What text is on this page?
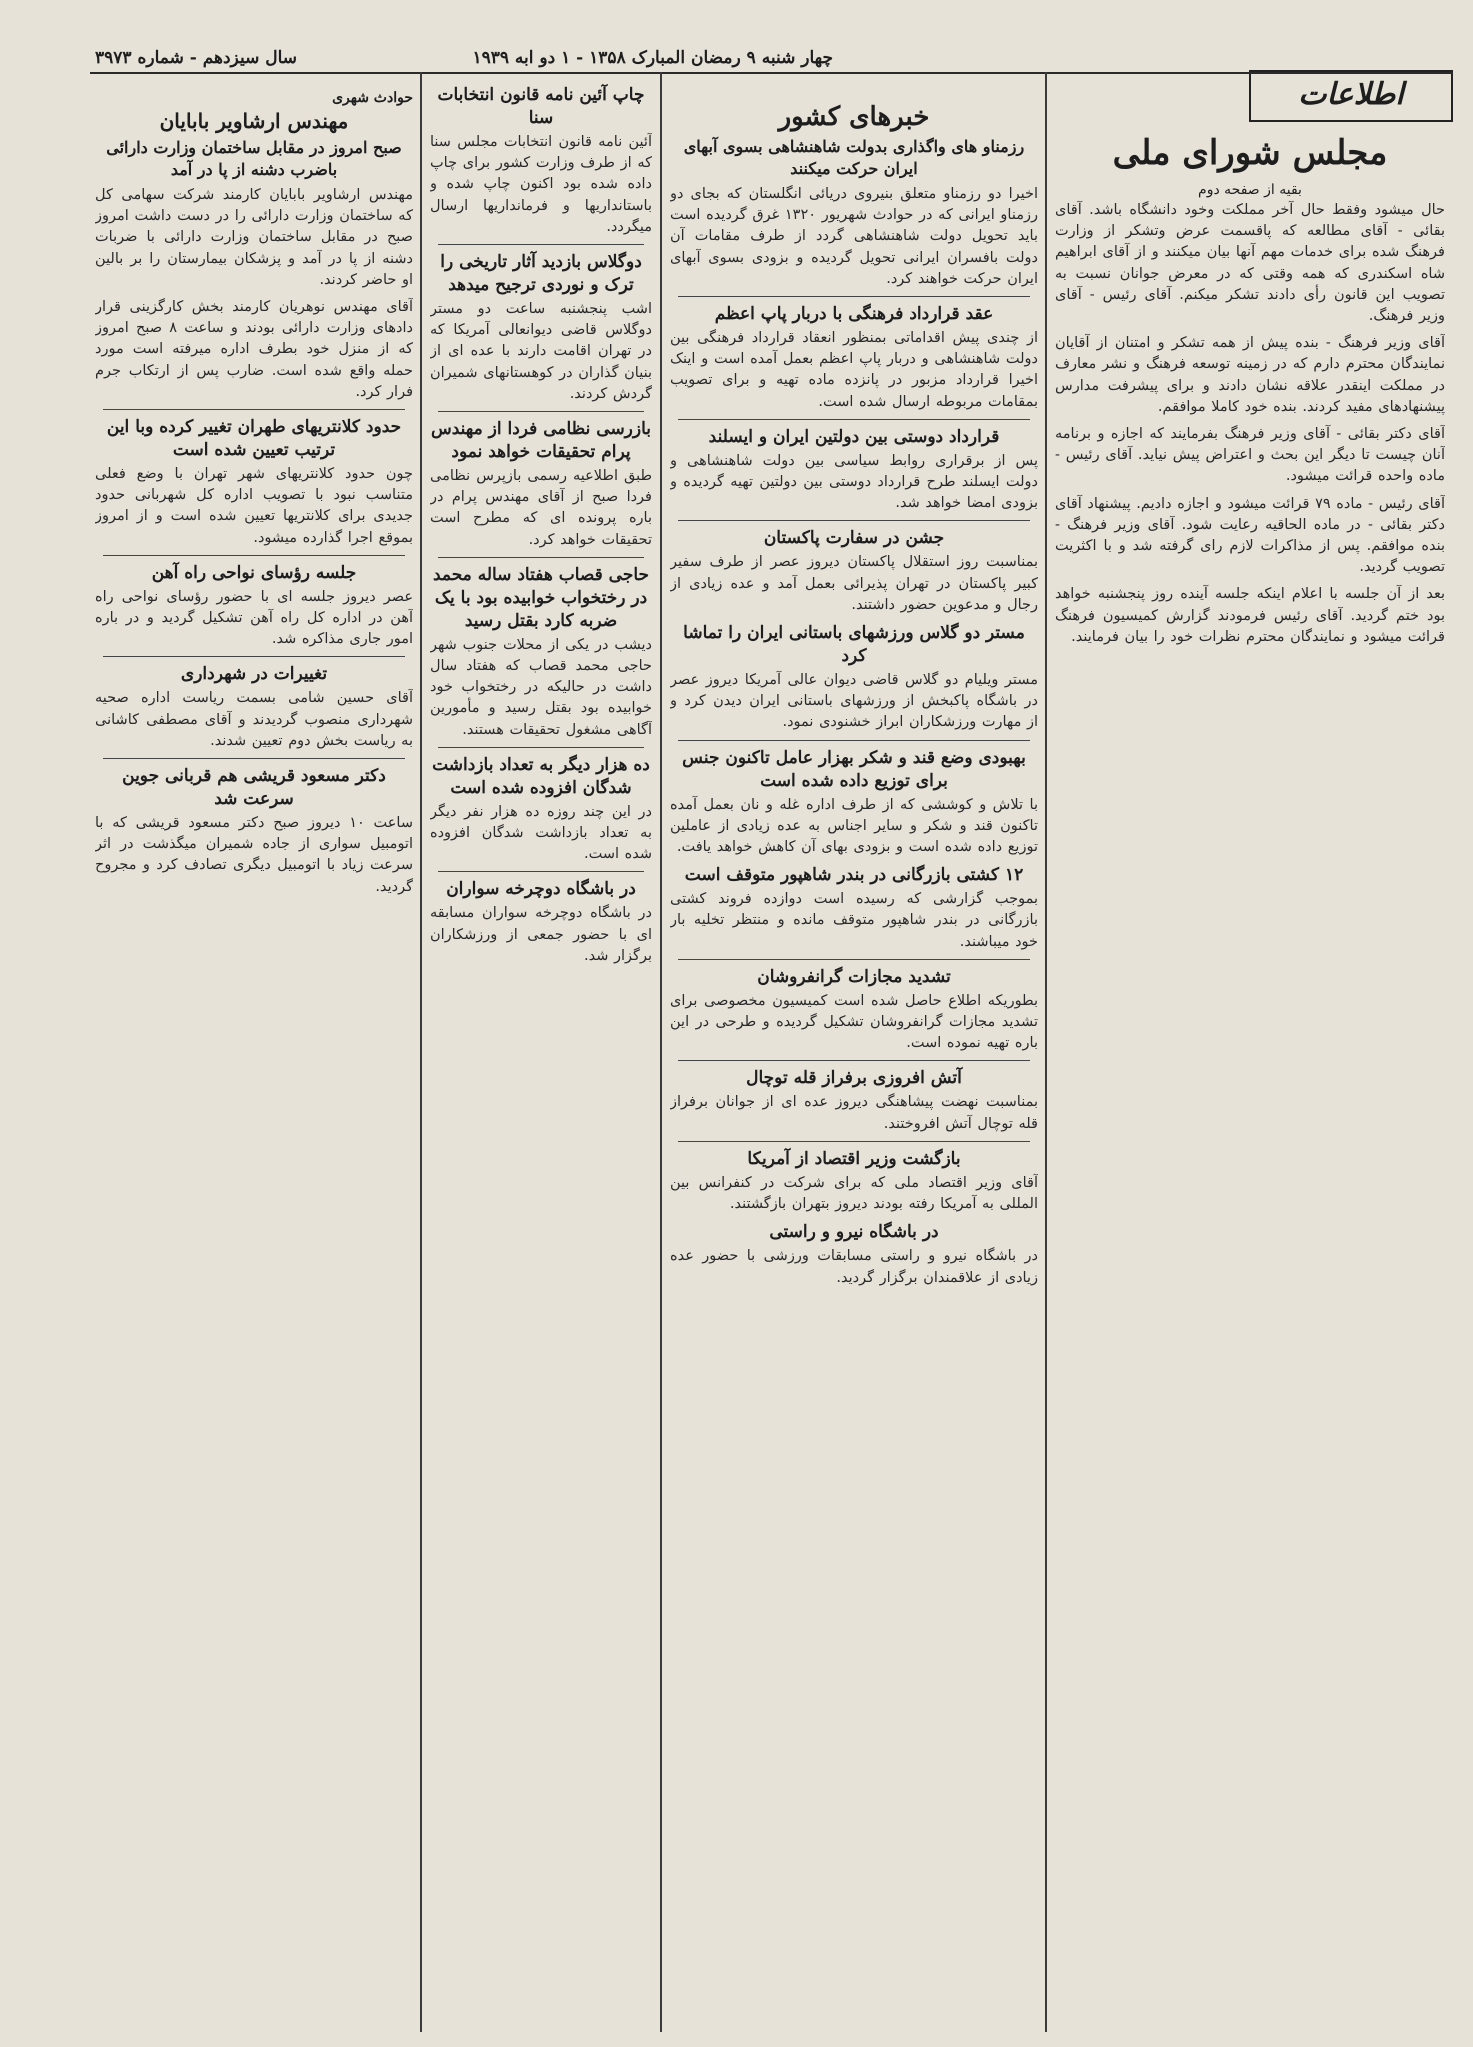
چهار شنبه ۹ رمضان المبارک ۱۳۵۸ - ۱ دو ابه ۱۹۳۹
سال سیزدهم - شماره ۳۹۷۳
اطلاعات
مجلس شورای ملی
بقیه از صفحه دوم

حال میشود وفقط حال آخر مملکت وخود دانشگاه باشد. آقای بقائی - آقای مطالعه که پاقسمت عرض وتشکر از وزارت فرهنگ شده برای خدمات مهم آنها بیان میکنند و از آقای ابراهیم شاه اسکندری که همه وقتی که در معرض جوانان نسبت به تصویب این قانون رأی دادند تشکر میکنم. آقای رئیس - آقای وزیر فرهنگ.

آقای وزیر فرهنگ - بنده پیش از همه تشکر و امتنان از آقایان نمایندگان محترم دارم که در زمینه توسعه فرهنگ و نشر معارف در مملکت اینقدر علاقه نشان دادند و برای پیشرفت مدارس پیشنهادهای مفید کردند. بنده خود کاملا موافقم.

آقای دکتر بقائی - آقای وزیر فرهنگ بفرمایند که اجازه و برنامه آنان چیست تا دیگر این بحث و اعتراض پیش نیاید. آقای رئیس - ماده واحده قرائت میشود.

آقای رئیس - ماده ۷۹ قرائت میشود و اجازه دادیم. پیشنهاد آقای دکتر بقائی - در ماده الحاقیه رعایت شود. آقای وزیر فرهنگ - بنده موافقم. پس از مذاکرات لازم رای گرفته شد و با اکثریت تصویب گردید.

بعد از آن جلسه با اعلام اینکه جلسه آینده روز پنجشنبه خواهد بود ختم گردید. آقای رئیس فرمودند گزارش کمیسیون فرهنگ قرائت میشود و نمایندگان محترم نظرات خود را بیان فرمایند.

خبرهای کشور
رزمناو های واگذاری بدولت شاهنشاهی بسوی آبهای ایران حرکت میکنند

اخیرا دو رزمناو متعلق بنیروی دریائی انگلستان که بجای دو رزمناو ایرانی که در حوادث شهریور ۱۳۲۰ غرق گردیده است باید تحویل دولت شاهنشاهی گردد از طرف مقامات آن دولت بافسران ایرانی تحویل گردیده و بزودی بسوی آبهای ایران حرکت خواهند کرد.

عقد قرارداد فرهنگی با دربار پاپ اعظم

از چندی پیش اقداماتی بمنظور انعقاد قرارداد فرهنگی بین دولت شاهنشاهی و دربار پاپ اعظم بعمل آمده است و اینک اخیرا قرارداد مزبور در پانزده ماده تهیه و برای تصویب بمقامات مربوطه ارسال شده است.

قرارداد دوستی بین دولتین ایران و ایسلند

پس از برقراری روابط سیاسی بین دولت شاهنشاهی و دولت ایسلند طرح قرارداد دوستی بین دولتین تهیه گردیده و بزودی امضا خواهد شد.

جشن در سفارت پاکستان

بمناسبت روز استقلال پاکستان دیروز عصر از طرف سفیر کبیر پاکستان در تهران پذیرائی بعمل آمد و عده زیادی از رجال و مدعوین حضور داشتند.

مستر دو گلاس ورزشهای باستانی ایران را تماشا کرد

مستر ویلیام دو گلاس قاضی دیوان عالی آمریکا دیروز عصر در باشگاه پاکبخش از ورزشهای باستانی ایران دیدن کرد و از مهارت ورزشکاران ابراز خشنودی نمود.

بهبودی وضع قند و شکر بهزار عامل تاکنون جنس برای توزیع داده شده است

با تلاش و کوششی که از طرف اداره غله و نان بعمل آمده تاکنون قند و شکر و سایر اجناس به عده زیادی از عاملین توزیع داده شده است و بزودی بهای آن کاهش خواهد یافت.

۱۲ کشتی بازرگانی در بندر شاهپور متوقف است

بموجب گزارشی که رسیده است دوازده فروند کشتی بازرگانی در بندر شاهپور متوقف مانده و منتظر تخلیه بار خود میباشند.

تشدید مجازات گرانفروشان

بطوریکه اطلاع حاصل شده است کمیسیون مخصوصی برای تشدید مجازات گرانفروشان تشکیل گردیده و طرحی در این باره تهیه نموده است.

آتش افروزی برفراز قله توچال

بمناسبت نهضت پیشاهنگی دیروز عده ای از جوانان برفراز قله توچال آتش افروختند.

بازگشت وزیر اقتصاد از آمریکا

آقای وزیر اقتصاد ملی که برای شرکت در کنفرانس بین المللی به آمریکا رفته بودند دیروز بتهران بازگشتند.

در باشگاه نیرو و راستی

در باشگاه نیرو و راستی مسابقات ورزشی با حضور عده زیادی از علاقمندان برگزار گردید.

چاپ آئین نامه قانون انتخابات سنا

آئین نامه قانون انتخابات مجلس سنا که از طرف وزارت کشور برای چاپ داده شده بود اکنون چاپ شده و باستانداریها و فرمانداریها ارسال میگردد.

دوگلاس بازدید آثار تاریخی را ترک و نوردی ترجیح میدهد

اشب پنجشنبه ساعت دو مستر دوگلاس قاضی دیوانعالی آمریکا که در تهران اقامت دارند با عده ای از بنیان گذاران در کوهستانهای شمیران گردش کردند.

بازرسی نظامی فردا از مهندس پرام تحقیقات خواهد نمود

طبق اطلاعیه رسمی بازپرس نظامی فردا صبح از آقای مهندس پرام در باره پرونده ای که مطرح است تحقیقات خواهد کرد.

حاجی قصاب هفتاد ساله محمد در رختخواب خوابیده بود با یک ضربه کارد بقتل رسید

دیشب در یکی از محلات جنوب شهر حاجی محمد قصاب که هفتاد سال داشت در حالیکه در رختخواب خود خوابیده بود بقتل رسید و مأمورین آگاهی مشغول تحقیقات هستند.

ده هزار دیگر به تعداد بازداشت شدگان افزوده شده است

در این چند روزه ده هزار نفر دیگر به تعداد بازداشت شدگان افزوده شده است.

در باشگاه دوچرخه سواران

در باشگاه دوچرخه سواران مسابقه ای با حضور جمعی از ورزشکاران برگزار شد.

حوادث شهری
مهندس ارشاویر بابایان
صبح امروز در مقابل ساختمان وزارت دارائی باضرب دشنه از پا در آمد

مهندس ارشاویر بابایان کارمند شرکت سهامی کل که ساختمان وزارت دارائی را در دست داشت امروز صبح در مقابل ساختمان وزارت دارائی با ضربات دشنه از پا در آمد و پزشکان بیمارستان را بر بالین او حاضر کردند.

آقای مهندس نوهریان کارمند بخش کارگزینی قرار دادهای وزارت دارائی بودند و ساعت ۸ صبح امروز که از منزل خود بطرف اداره میرفته است مورد حمله واقع شده است. ضارب پس از ارتکاب جرم فرار کرد.

حدود کلانتریهای طهران تغییر کرده وبا این ترتیب تعیین شده است

چون حدود کلانتریهای شهر تهران با وضع فعلی متناسب نبود با تصویب اداره کل شهربانی حدود جدیدی برای کلانتریها تعیین شده است و از امروز بموقع اجرا گذارده میشود.

جلسه رؤسای نواحی راه آهن

عصر دیروز جلسه ای با حضور رؤسای نواحی راه آهن در اداره کل راه آهن تشکیل گردید و در باره امور جاری مذاکره شد.

تغییرات در شهرداری

آقای حسین شامی بسمت ریاست اداره صحیه شهرداری منصوب گردیدند و آقای مصطفی کاشانی به ریاست بخش دوم تعیین شدند.

دکتر مسعود قریشی هم قربانی جوین سرعت شد

ساعت ۱۰ دیروز صبح دکتر مسعود قریشی که با اتومبیل سواری از جاده شمیران میگذشت در اثر سرعت زیاد با اتومبیل دیگری تصادف کرد و مجروح گردید.
